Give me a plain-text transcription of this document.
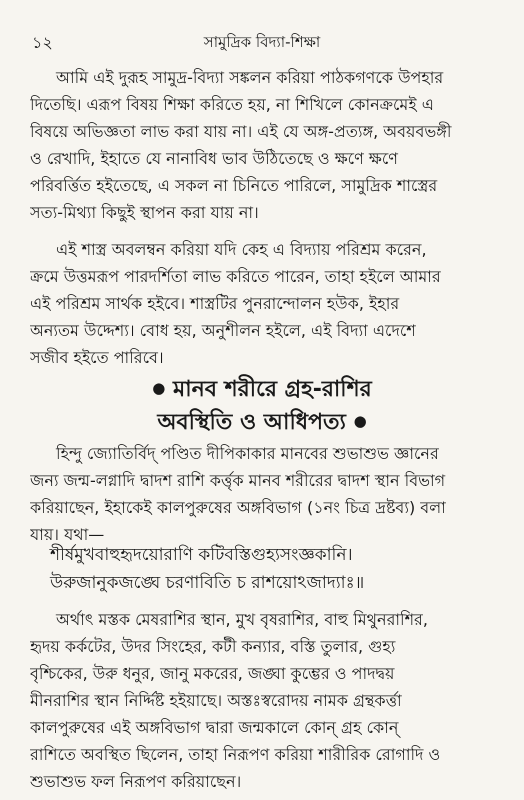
১২	সামুদ্রিক বিদ্যা-শিক্ষা
আমি এই দুরূহ সামুদ্র-বিদ্যা সঙ্কলন করিয়া পাঠকগণকে উপহার
দিতেছি। এরূপ বিষয় শিক্ষা করিতে হয়, না শিখিলে কোনক্রমেই এ
বিষয়ে অভিজ্ঞতা লাভ করা যায় না। এই যে অঙ্গ-প্রত্যঙ্গ, অবয়বভঙ্গী
ও রেখাদি, ইহাতে যে নানাবিধ ভাব উঠিতেছে ও ক্ষণে ক্ষণে
পরিবর্ত্তিত হইতেছে, এ সকল না চিনিতে পারিলে, সামুদ্রিক শাস্ত্রের
সত্য-মিথ্যা কিছুই স্থাপন করা যায় না।
এই শাস্ত্র অবলম্বন করিয়া যদি কেহ এ বিদ্যায় পরিশ্রম করেন,
ক্রমে উত্তমরূপ পারদর্শিতা লাভ করিতে পারেন, তাহা হইলে আমার
এই পরিশ্রম সার্থক হইবে। শাস্ত্রটির পুনরান্দোলন হউক, ইহার
অন্যতম উদ্দেশ্য। বোধ হয়, অনুশীলন হইলে, এই বিদ্যা এদেশে
সজীব হইতে পারিবে।
● মানব শরীরে গ্রহ-রাশির
অবস্থিতি ও আধিপত্য ●
হিন্দু জ্যোতির্বিদ্ পণ্ডিত দীপিকাকার মানবের শুভাশুভ জ্ঞানের
জন্য জন্ম-লগ্নাদি দ্বাদশ রাশি কর্ত্তৃক মানব শরীরের দ্বাদশ স্থান বিভাগ
করিয়াছেন, ইহাকেই কালপুরুষের অঙ্গবিভাগ (১নং চিত্র দ্রষ্টব্য) বলা
যায়। যথা—
শীর্ষমুখবাহুহৃদয়োরাণি কটিবস্তিগুহ্যসংজ্ঞকানি।
উরুজানুকজঙ্ঘে চরণাবিতি চ রাশয়োঽজাদ্যাঃ॥
অর্থাৎ মস্তক মেষরাশির স্থান, মুখ বৃষরাশির, বাহু মিথুনরাশির,
হৃদয় কর্কটের, উদর সিংহের, কটী কন্যার, বস্তি তুলার, গুহ্য
বৃশ্চিকের, উরু ধনুর, জানু মকরের, জঙ্ঘা কুম্ভের ও পাদদ্বয়
মীনরাশির স্থান নির্দ্দিষ্ট হইয়াছে। অস্তঃস্বরোদয় নামক গ্রন্থকর্ত্তা
কালপুরুষের এই অঙ্গবিভাগ দ্বারা জন্মকালে কোন্ গ্রহ কোন্
রাশিতে অবস্থিত ছিলেন, তাহা নিরূপণ করিয়া শারীরিক রোগাদি ও
শুভাশুভ ফল নিরূপণ করিয়াছেন।
